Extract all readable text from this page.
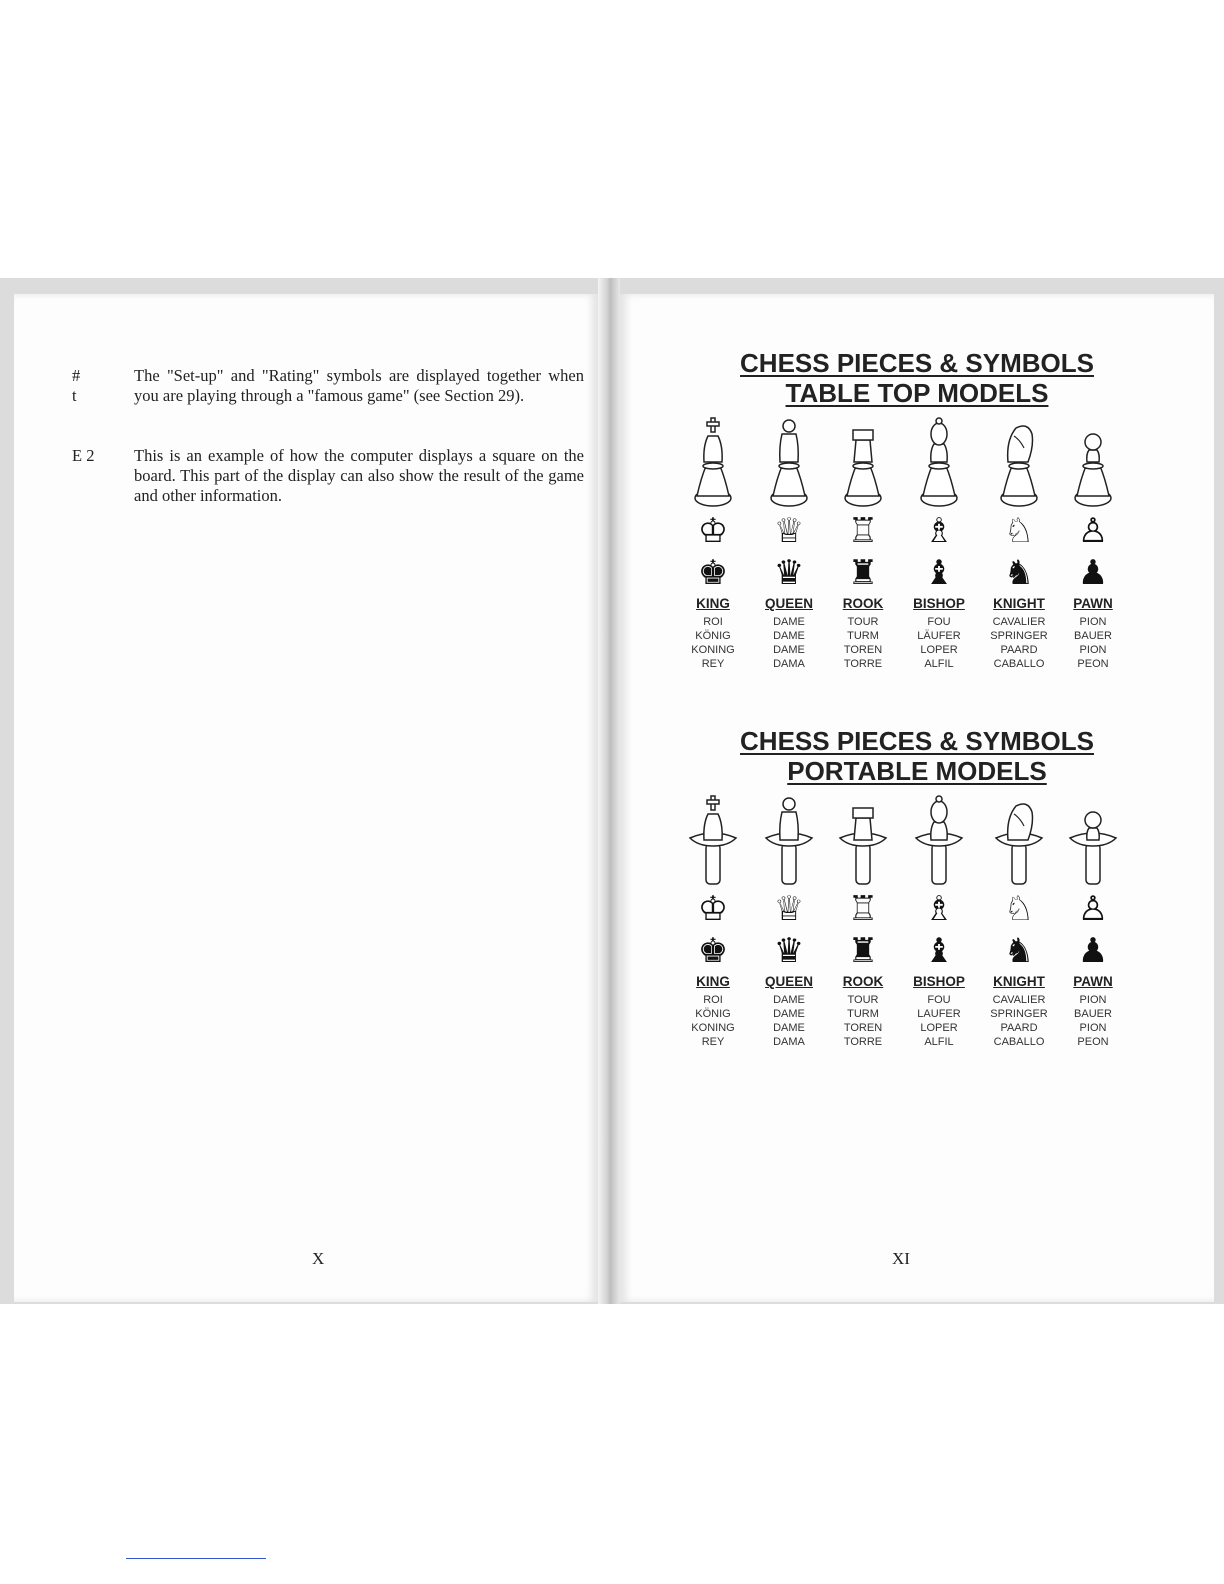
#
t
The "Set-up" and "Rating" symbols are displayed together when you are playing through a "famous game" (see Section 29).
E 2	This is an example of how the computer displays a square on the board. This part of the display can also show the result of the game and other information.
X
CHESS PIECES & SYMBOLS
TABLE TOP MODELS
♔
♚
KING
ROI
KÖNIG
KONING
REY
♕
♛
QUEEN
DAME
DAME
DAME
DAMA
♖
♜
ROOK
TOUR
TURM
TOREN
TORRE
♗
♝
BISHOP
FOU
LÄUFER
LOPER
ALFIL
♘
♞
KNIGHT
CAVALIER
SPRINGER
PAARD
CABALLO
♙
♟
PAWN
PION
BAUER
PION
PEON
CHESS PIECES & SYMBOLS
PORTABLE MODELS
♔
♚
KING
ROI
KÖNIG
KONING
REY
♕
♛
QUEEN
DAME
DAME
DAME
DAMA
♖
♜
ROOK
TOUR
TURM
TOREN
TORRE
♗
♝
BISHOP
FOU
LAUFER
LOPER
ALFIL
♘
♞
KNIGHT
CAVALIER
SPRINGER
PAARD
CABALLO
♙
♟
PAWN
PION
BAUER
PION
PEON
XI
